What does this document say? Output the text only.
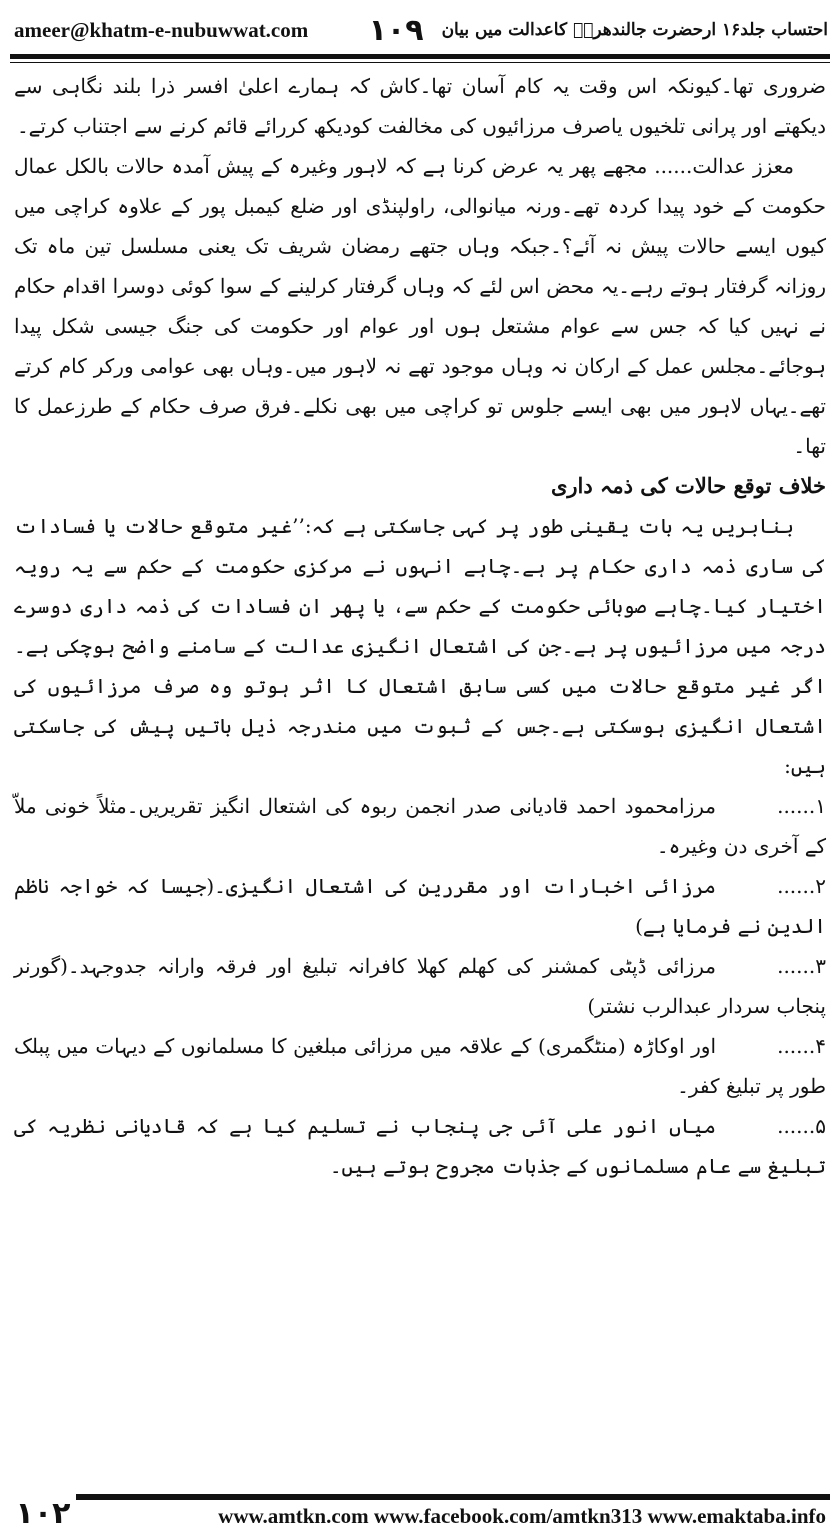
ameer@khatm-e-nubuwwat.com	احتساب جلد۱۶ ارحضرت جالندھریؒ کاعدالت میں بیان
۱۰۹

ضروری تھا۔کیونکہ اس وقت یہ کام آسان تھا۔کاش کہ ہمارے اعلیٰ افسر ذرا بلند نگاہی سے دیکھتے اور پرانی تلخیوں یاصرف مرزائیوں کی مخالفت کودیکھ کررائے قائم کرنے سے اجتناب کرتے۔

معزز عدالت...... مجھے پھر یہ عرض کرنا ہے کہ لاہور وغیرہ کے پیش آمدہ حالات بالکل عمال حکومت کے خود پیدا کردہ تھے۔ورنہ میانوالی، راولپنڈی اور ضلع کیمبل پور کے علاوہ کراچی میں کیوں ایسے حالات پیش نہ آئے؟۔جبکہ وہاں جتھے رمضان شریف تک یعنی مسلسل تین ماہ تک روزانہ گرفتار ہوتے رہے۔یہ محض اس لئے کہ وہاں گرفتار کرلینے کے سوا کوئی دوسرا اقدام حکام نے نہیں کیا کہ جس سے عوام مشتعل ہوں اور عوام اور حکومت کی جنگ جیسی شکل پیدا ہوجائے۔مجلس عمل کے ارکان نہ وہاں موجود تھے نہ لاہور میں۔وہاں بھی عوامی ورکر کام کرتے تھے۔یہاں لاہور میں بھی ایسے جلوس تو کراچی میں بھی نکلے۔فرق صرف حکام کے طرزعمل کا تھا۔

خلاف توقع حالات کی ذمہ داری

بنابریں یہ بات یقینی طور پر کہی جاسکتی ہے کہ:’’غیر متوقع حالات یا فسادات کی ساری ذمہ داری حکام پر ہے۔چاہے انہوں نے مرکزی حکومت کے حکم سے یہ رویہ اختیار کیا۔چاہے صوبائی حکومت کے حکم سے، یا پھر ان فسادات کی ذمہ داری دوسرے درجہ میں مرزائیوں پر ہے۔جن کی اشتعال انگیزی عدالت کے سامنے واضح ہوچکی ہے۔اگر غیر متوقع حالات میں کسی سابق اشتعال کا اثر ہوتو وہ صرف مرزائیوں کی اشتعال انگیزی ہوسکتی ہے۔جس کے ثبوت میں مندرجہ ذیل باتیں پیش کی جاسکتی ہیں:

۱......مرزامحمود احمد قادیانی صدر انجمن ربوہ کی اشتعال انگیز تقریریں۔مثلاً خونی ملاّ کے آخری دن وغیرہ۔

۲......مرزائی اخبارات اور مقررین کی اشتعال انگیزی۔(جیسا کہ خواجہ ناظم الدین نے فرمایا ہے)

۳......مرزائی ڈپٹی کمشنر کی کھلم کھلا کافرانہ تبلیغ اور فرقہ وارانہ جدوجہد۔(گورنر پنجاب سردار عبدالرب نشتر)

۴......اور اوکاڑہ (منٹگمری) کے علاقہ میں مرزائی مبلغین کا مسلمانوں کے دیہات میں پبلک طور پر تبلیغ کفر۔

۵......میاں انور علی آئی جی پنجاب نے تسلیم کیا ہے کہ قادیانی نظریہ کی تبلیغ سے عام مسلمانوں کے جذبات مجروح ہوتے ہیں۔

۱۰۲	www.amtkn.com www.facebook.com/amtkn313 www.emaktaba.info
